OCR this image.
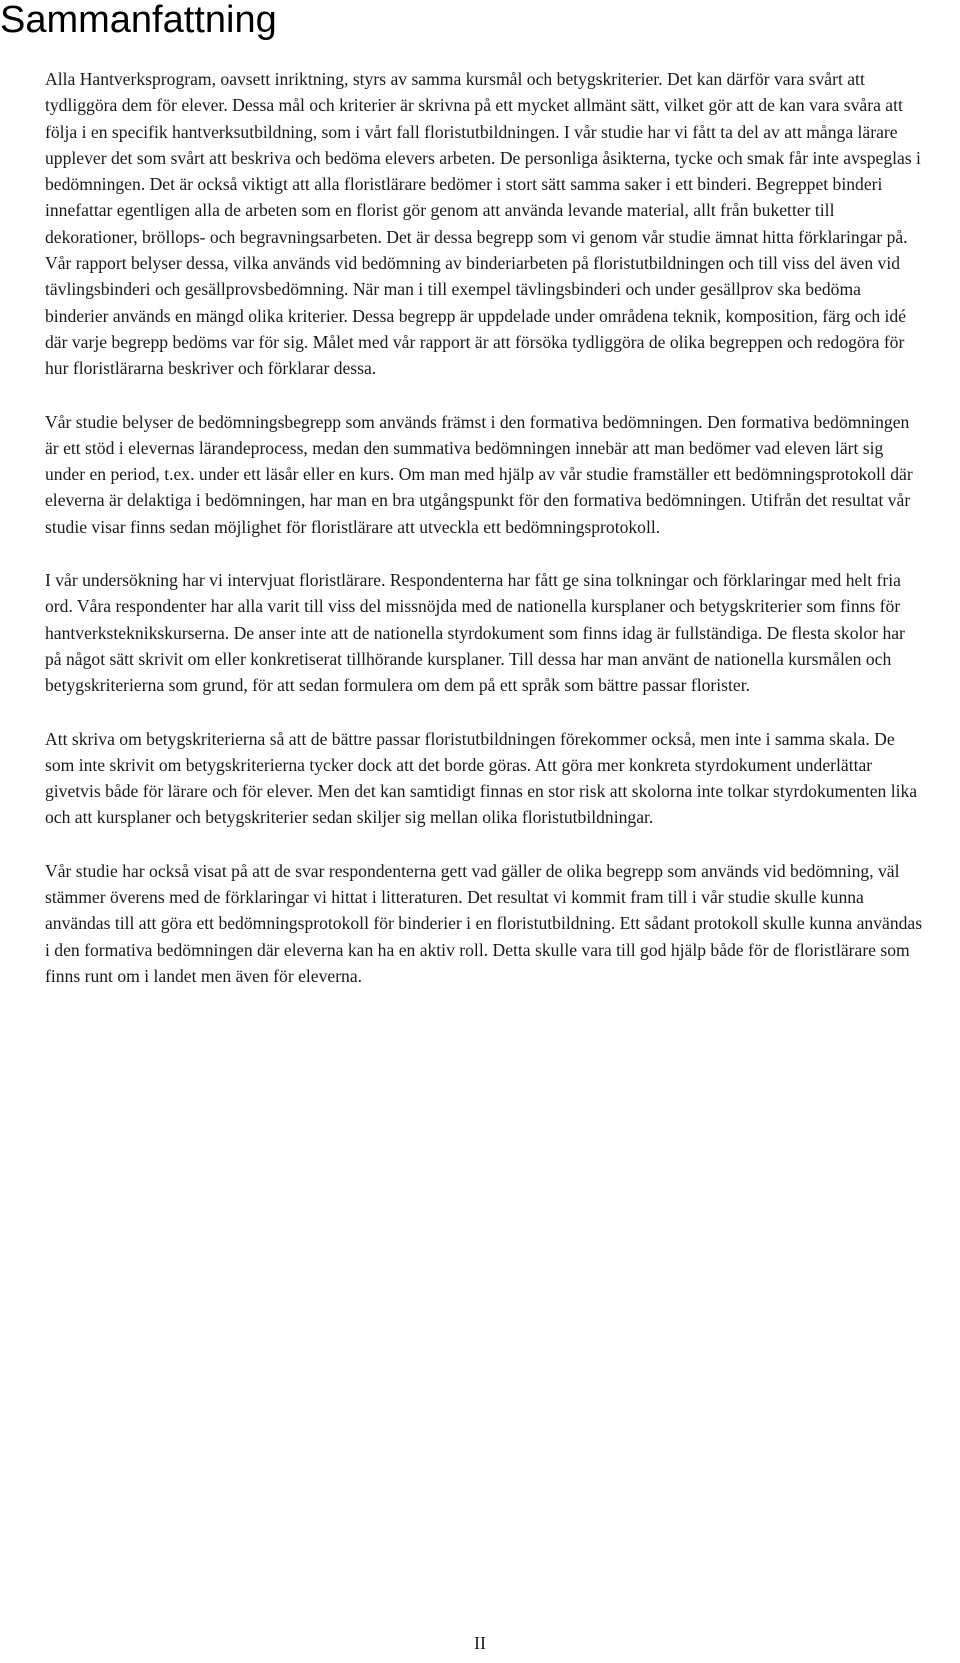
Sammanfattning

Alla Hantverksprogram, oavsett inriktning, styrs av samma kursmål och betygskriterier. Det kan därför vara svårt att tydliggöra dem för elever. Dessa mål och kriterier är skrivna på ett mycket allmänt sätt, vilket gör att de kan vara svåra att följa i en specifik hantverksutbildning, som i vårt fall floristutbildningen. I vår studie har vi fått ta del av att många lärare upplever det som svårt att beskriva och bedöma elevers arbeten. De personliga åsikterna, tycke och smak får inte avspeglas i bedömningen. Det är också viktigt att alla floristlärare bedömer i stort sätt samma saker i ett binderi. Begreppet binderi innefattar egentligen alla de arbeten som en florist gör genom att använda levande material, allt från buketter till dekorationer, bröllops- och begravningsarbeten. Det är dessa begrepp som vi genom vår studie ämnat hitta förklaringar på. Vår rapport belyser dessa, vilka används vid bedömning av binderiarbeten på floristutbildningen och till viss del även vid tävlingsbinderi och gesällprovsbedömning. När man i till exempel tävlingsbinderi och under gesällprov ska bedöma binderier används en mängd olika kriterier. Dessa begrepp är uppdelade under områdena teknik, komposition, färg och idé där varje begrepp bedöms var för sig. Målet med vår rapport är att försöka tydliggöra de olika begreppen och redogöra för hur floristlärarna beskriver och förklarar dessa.

Vår studie belyser de bedömningsbegrepp som används främst i den formativa bedömningen. Den formativa bedömningen är ett stöd i elevernas lärandeprocess, medan den summativa bedömningen innebär att man bedömer vad eleven lärt sig under en period, t.ex. under ett läsår eller en kurs. Om man med hjälp av vår studie framställer ett bedömningsprotokoll där eleverna är delaktiga i bedömningen, har man en bra utgångspunkt för den formativa bedömningen. Utifrån det resultat vår studie visar finns sedan möjlighet för floristlärare att utveckla ett bedömningsprotokoll.

I vår undersökning har vi intervjuat floristlärare. Respondenterna har fått ge sina tolkningar och förklaringar med helt fria ord. Våra respondenter har alla varit till viss del missnöjda med de nationella kursplaner och betygskriterier som finns för hantverksteknikskurserna. De anser inte att de nationella styrdokument som finns idag är fullständiga. De flesta skolor har på något sätt skrivit om eller konkretiserat tillhörande kursplaner. Till dessa har man använt de nationella kursmålen och betygskriterierna som grund, för att sedan formulera om dem på ett språk som bättre passar florister.

Att skriva om betygskriterierna så att de bättre passar floristutbildningen förekommer också, men inte i samma skala. De som inte skrivit om betygskriterierna tycker dock att det borde göras. Att göra mer konkreta styrdokument underlättar givetvis både för lärare och för elever. Men det kan samtidigt finnas en stor risk att skolorna inte tolkar styrdokumenten lika och att kursplaner och betygskriterier sedan skiljer sig mellan olika floristutbildningar.

Vår studie har också visat på att de svar respondenterna gett vad gäller de olika begrepp som används vid bedömning, väl stämmer överens med de förklaringar vi hittat i litteraturen. Det resultat vi kommit fram till i vår studie skulle kunna användas till att göra ett bedömningsprotokoll för binderier i en floristutbildning. Ett sådant protokoll skulle kunna användas i den formativa bedömningen där eleverna kan ha en aktiv roll. Detta skulle vara till god hjälp både för de floristlärare som finns runt om i landet men även för eleverna.

II
